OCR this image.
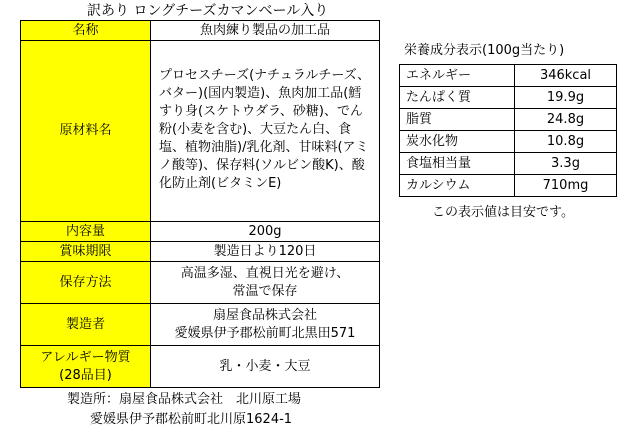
訳あり ロングチーズカマンベール入り
名称	魚肉練り製品の加工品
原材料名	プロセスチーズ(ナチュラルチーズ、バター)(国内製造)、魚肉加工品(鱈すり身(スケトウダラ、砂糖)、でん粉(小麦を含む)、大豆たん白、食塩、植物油脂)/乳化剤、甘味料(アミノ酸等)、保存料(ソルビン酸K)、酸化防止剤(ビタミンE)
内容量	200g
賞味期限	製造日より120日
保存方法	高温多湿、直視日光を避け、
常温で保存

製造者	扇屋食品株式会社
愛媛県伊予郡松前町北黒田571

アレルギー物質
(28品目)	乳・小麦・大豆
栄養成分表示(100g当たり)
エネルギー	346kcal
たんぱく質	19.9g
脂質	24.8g
炭水化物	10.8g
食塩相当量	3.3g
カルシウム	710mg
この表示値は目安です。
製造所：扇屋食品株式会社　北川原工場
愛媛県伊予郡松前町北川原1624-1
